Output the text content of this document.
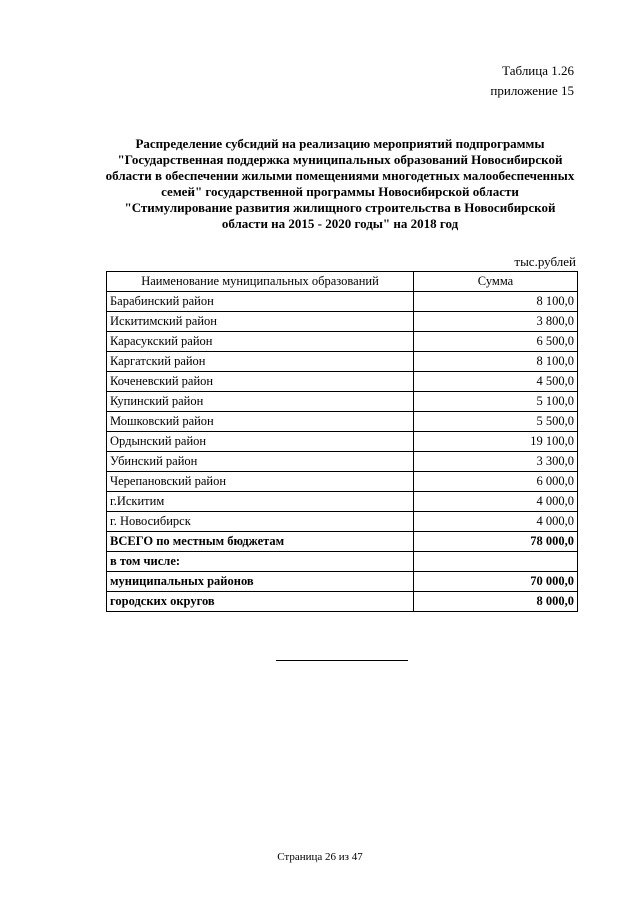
Таблица 1.26
приложение 15
Распределение субсидий на реализацию мероприятий подпрограммы
"Государственная поддержка муниципальных образований Новосибирской
области в обеспечении жилыми помещениями многодетных малообеспеченных
семей" государственной программы Новосибирской области
"Стимулирование развития жилищного строительства в Новосибирской
области на 2015 - 2020 годы" на 2018 год
тыс.рублей
Наименование муниципальных образований	Сумма
Барабинский район	8 100,0
Искитимский район	3 800,0
Карасукский район	6 500,0
Каргатский район	8 100,0
Коченевский район	4 500,0
Купинский район	5 100,0
Мошковский район	5 500,0
Ордынский район	19 100,0
Убинский район	3 300,0
Черепановский район	6 000,0
г.Искитим	4 000,0
г. Новосибирск	4 000,0
ВСЕГО по местным бюджетам	78 000,0
в том числе:	
муниципальных районов	70 000,0
городских округов	8 000,0
Страница 26 из 47
